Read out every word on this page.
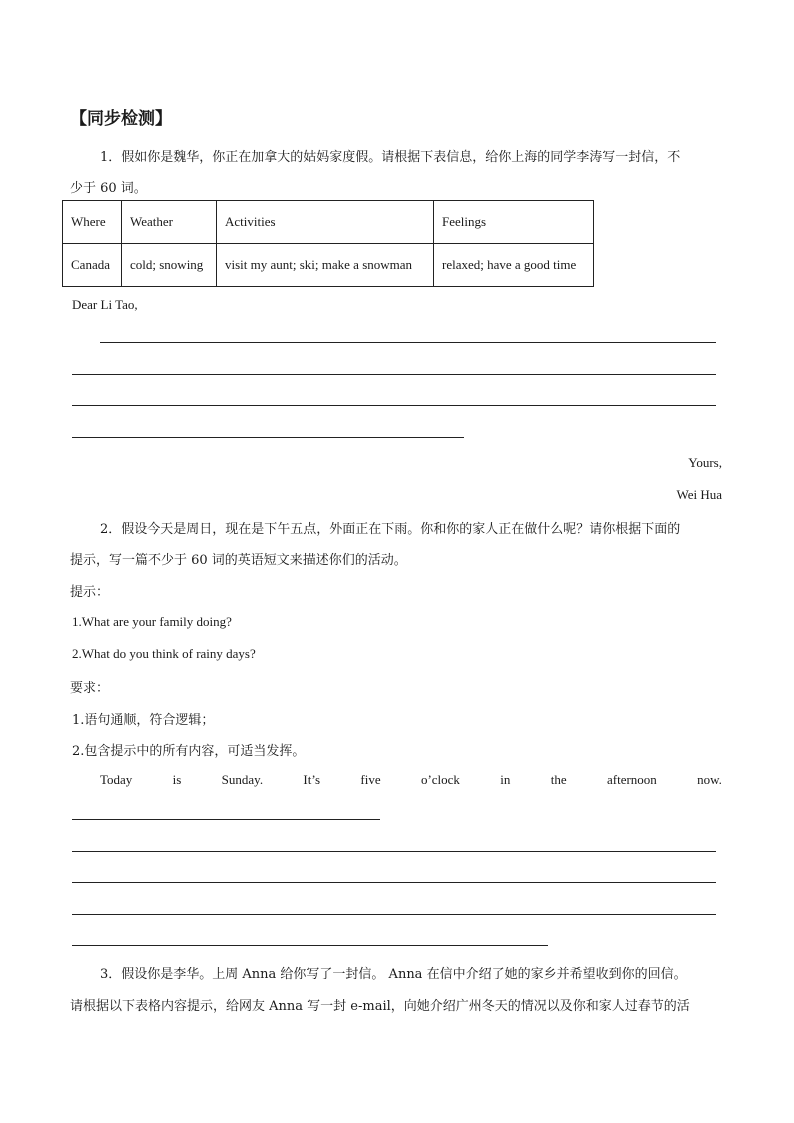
【同步检测】
1．假如你是魏华，你正在加拿大的姑妈家度假。请根据下表信息，给你上海的同学李涛写一封信，不
少于 60 词。
Where	Weather	Activities	Feelings
Canada	cold; snowing	visit my aunt; ski; make a snowman	relaxed; have a good time
Dear Li Tao,
Yours,
Wei Hua
2．假设今天是周日，现在是下午五点，外面正在下雨。你和你的家人正在做什么呢？请你根据下面的
提示，写一篇不少于 60 词的英语短文来描述你们的活动。
提示：
1.What are your family doing?
2.What do you think of rainy days?
要求：
1.语句通顺，符合逻辑；
2.包含提示中的所有内容，可适当发挥。
Today	is	Sunday.	It’s	five	o’clock	in	the	afternoon	now.
3．假设你是李华。上周 Anna 给你写了一封信。 Anna 在信中介绍了她的家乡并希望收到你的回信。
请根据以下表格内容提示，给网友 Anna 写一封 e-mail，向她介绍广州冬天的情况以及你和家人过春节的活
